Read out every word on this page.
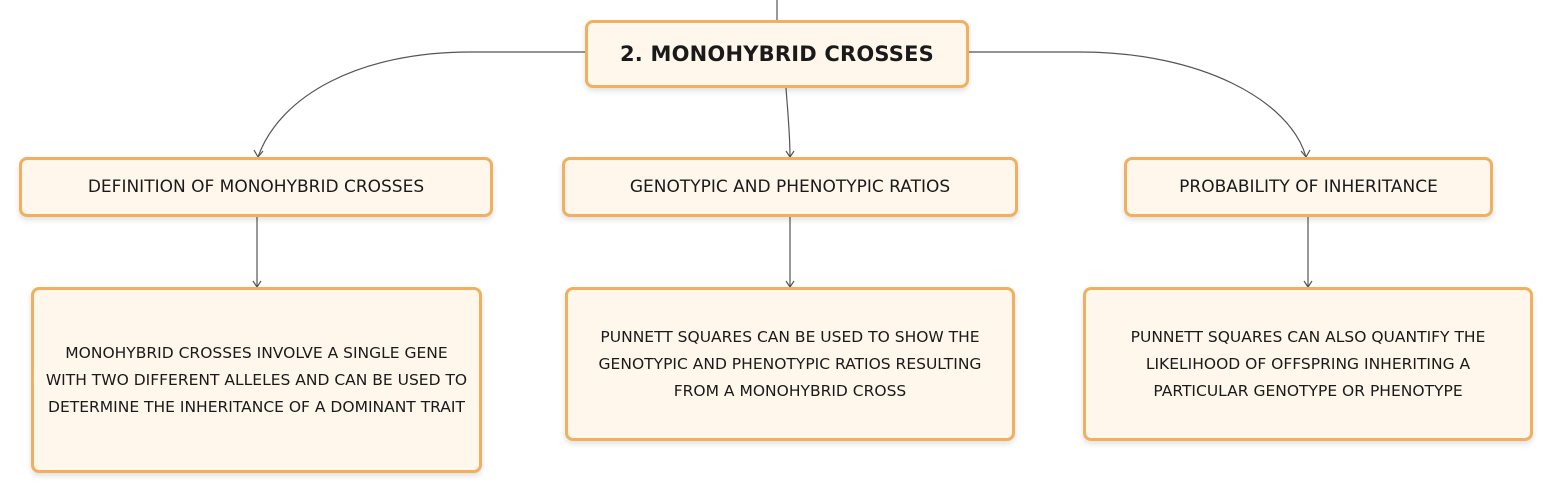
2. MONOHYBRID CROSSES
DEFINITION OF MONOHYBRID CROSSES	GENOTYPIC AND PHENOTYPIC RATIOS	PROBABILITY OF INHERITANCE
MONOHYBRID CROSSES INVOLVE A SINGLE GENE WITH TWO DIFFERENT ALLELES AND CAN BE USED TO DETERMINE THE INHERITANCE OF A DOMINANT TRAIT
PUNNETT SQUARES CAN BE USED TO SHOW THE GENOTYPIC AND PHENOTYPIC RATIOS RESULTING FROM A MONOHYBRID CROSS
PUNNETT SQUARES CAN ALSO QUANTIFY THE LIKELIHOOD OF OFFSPRING INHERITING A PARTICULAR GENOTYPE OR PHENOTYPE
